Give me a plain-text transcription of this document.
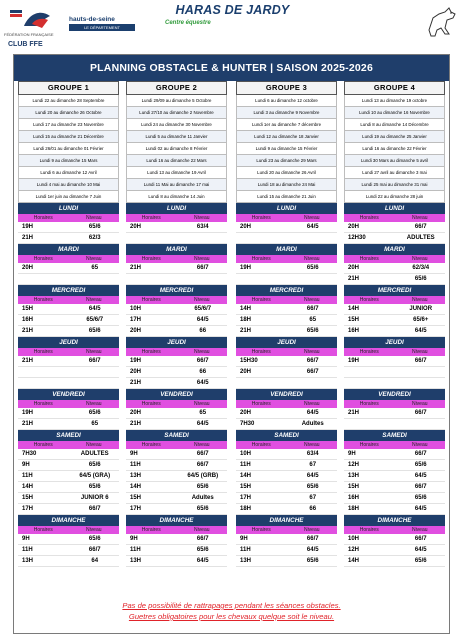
FÉDÉRATION FRANÇAISE
CLUB FFE
hauts-de-seine
LE DÉPARTEMENT
HARAS DE JARDY
Centre équestre
PLANNING OBSTACLE & HUNTER | SAISON 2025-2026
GROUPE 1
Lundi 22 au dimanche 28 Septembre
Lundi 20 au dimanche 26 Octobre
Lundi 17 au dimanche 23 Novembre
Lundi 15 au dimanche 21 Décembre
Lundi 26/01 au dimanche 01 Février
Lundi 9 au dimanche 15 Mars
Lundi 6 au dimanche 12 Avril
Lundi 4 mai au dimanche 10 Mai
Lundi 1er juin au dimanche 7 Juin
LUNDI
Horaires	Niveau
19H	65/6
21H	62/3
MARDI
Horaires	Niveau
20H	65
MERCREDI
Horaires	Niveau
15H	64/5
16H	65/6/7
21H	65/6
JEUDI
Horaires	Niveau
21H	66/7
VENDREDI
Horaires	Niveau
19H	65/6
21H	65
SAMEDI
Horaires	Niveau
7H30	ADULTES
9H	65/6
11H	64/5 (GRA)
14H	65/6
15H	JUNIOR 6
17H	66/7
DIMANCHE
Horaires	Niveau
9H	65/6
11H	66/7
13H	64
GROUPE 2
Lundi 29/09 au dimanche 5 Octobre
Lundi 27/10 au dimanche 2 Novembre
Lundi 24 au dimanche 30 Novembre
Lundi 5 au dimanche 11 Janvier
Lundi 02 au dimanche 8 Février
Lundi 16 au dimanche 22 Mars
Lundi 13 au dimanche 19 Avril
Lundi 11 Mai au dimanche 17 mai
Lundi 8 au dimanche 14 Juin
LUNDI
Horaires	Niveau
20H	63/4
MARDI
Horaires	Niveau
21H	66/7
MERCREDI
Horaires	Niveau
10H	65/6/7
17H	64/5
20H	66
JEUDI
Horaires	Niveau
19H	66/7
20H	66
21H	64/5
VENDREDI
Horaires	Niveau
20H	65
21H	64/5
SAMEDI
Horaires	Niveau
9H	66/7
11H	66/7
13H	64/5 (GRB)
14H	65/6
15H	Adultes
17H	65/6
DIMANCHE
Horaires	Niveau
9H	66/7
11H	65/6
13H	64/5
GROUPE 3
Lundi 6 au dimanche 12 octobre
Lundi 3 au dimanche 9 Novembre
Lundi 1er au dimanche 7 décembre
Lundi 12 au dimanche 18 Janvier
Lundi 9 au dimanche 15 Février
Lundi 23 au dimanche 29 Mars
Lundi 20 au dimanche 26 Avril
Lundi 18 au dimanche 24 Mai
Lundi 15 au dimanche 21 Juin
LUNDI
Horaires	Niveau
20H	64/5
MARDI
Horaires	Niveau
19H	65/6
MERCREDI
Horaires	Niveau
14H	66/7
18H	65
21H	65/6
JEUDI
Horaires	Niveau
15H30	66/7
20H	66/7
VENDREDI
Horaires	Niveau
20H	64/5
7H30	Adultes
SAMEDI
Horaires	Niveau
10H	63/4
11H	67
14H	64/5
15H	65/6
17H	67
18H	66
DIMANCHE
Horaires	Niveau
9H	66/7
11H	64/5
13H	65/6
GROUPE 4
Lundi 13 au dimanche 19 octobre
Lundi 10 au dimanche 16 Novembre
Lundi 8 au dimanche 14 Décembre
Lundi 19 au dimanche 25 Janvier
Lundi 16 au dimanche 22 Février
Lundi 30 Mars au dimanche 5 avril
Lundi 27 avril au dimanche 3 mai
Lundi 25 mai au dimanche 31 mai
Lundi 22 au dimanche 28 juin
LUNDI
Horaires	Niveau
20H	66/7
12H30	ADULTES
MARDI
Horaires	Niveau
20H	62/3/4
21H	65/6
MERCREDI
Horaires	Niveau
14H	JUNIOR
15H	65/6+
16H	64/5
JEUDI
Horaires	Niveau
19H	66/7
VENDREDI
Horaires	Niveau
21H	66/7
SAMEDI
Horaires	Niveau
9H	66/7
12H	65/6
13H	64/5
15H	66/7
16H	65/6
18H	64/5
DIMANCHE
Horaires	Niveau
10H	66/7
12H	64/5
14H	65/6
Pas de possibilité de rattrapages pendant les séances obstacles.
Guetres obligatoires pour les chevaux quelque soit le niveau.
